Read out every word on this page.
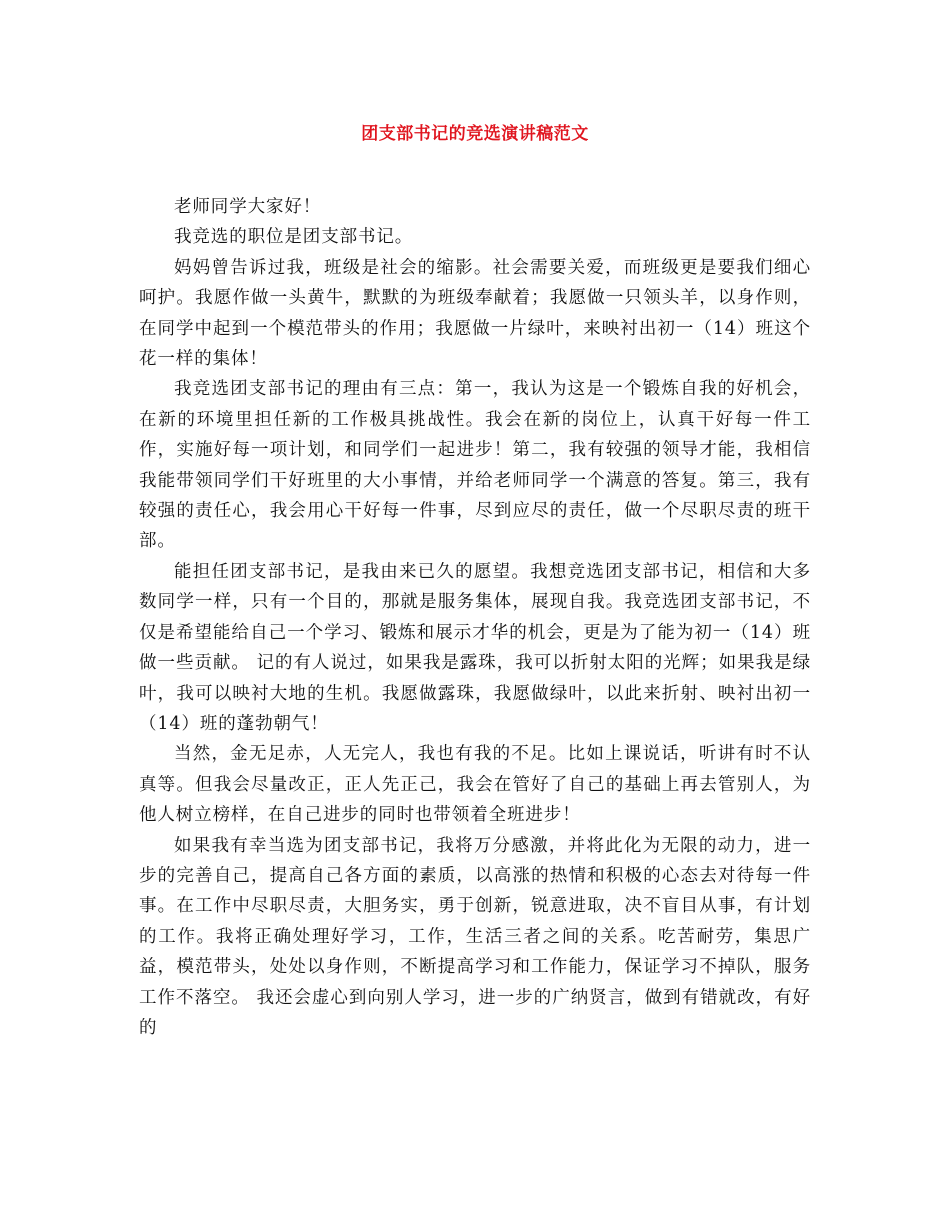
团支部书记的竞选演讲稿范文

老师同学大家好！

我竞选的职位是团支部书记。

妈妈曾告诉过我，班级是社会的缩影。社会需要关爱，而班级更是要我们细心呵护。我愿作做一头黄牛，默默的为班级奉献着；我愿做一只领头羊，以身作则，在同学中起到一个模范带头的作用；我愿做一片绿叶，来映衬出初一（14）班这个花一样的集体！

我竞选团支部书记的理由有三点：第一，我认为这是一个锻炼自我的好机会，在新的环境里担任新的工作极具挑战性。我会在新的岗位上，认真干好每一件工作，实施好每一项计划，和同学们一起进步！第二，我有较强的领导才能，我相信我能带领同学们干好班里的大小事情，并给老师同学一个满意的答复。第三，我有较强的责任心，我会用心干好每一件事，尽到应尽的责任，做一个尽职尽责的班干部。

能担任团支部书记，是我由来已久的愿望。我想竞选团支部书记，相信和大多数同学一样，只有一个目的，那就是服务集体，展现自我。我竞选团支部书记，不仅是希望能给自己一个学习、锻炼和展示才华的机会，更是为了能为初一（14）班做一些贡献。 记的有人说过，如果我是露珠，我可以折射太阳的光辉；如果我是绿叶，我可以映衬大地的生机。我愿做露珠，我愿做绿叶，以此来折射、映衬出初一（14）班的蓬勃朝气！

当然，金无足赤，人无完人，我也有我的不足。比如上课说话，听讲有时不认真等。但我会尽量改正，正人先正己，我会在管好了自己的基础上再去管别人，为他人树立榜样，在自己进步的同时也带领着全班进步！

如果我有幸当选为团支部书记，我将万分感激，并将此化为无限的动力，进一步的完善自己，提高自己各方面的素质，以高涨的热情和积极的心态去对待每一件事。在工作中尽职尽责，大胆务实，勇于创新，锐意进取，决不盲目从事，有计划的工作。我将正确处理好学习，工作，生活三者之间的关系。吃苦耐劳，集思广益，模范带头，处处以身作则，不断提高学习和工作能力，保证学习不掉队，服务工作不落空。 我还会虚心到向别人学习，进一步的广纳贤言，做到有错就改，有好的
